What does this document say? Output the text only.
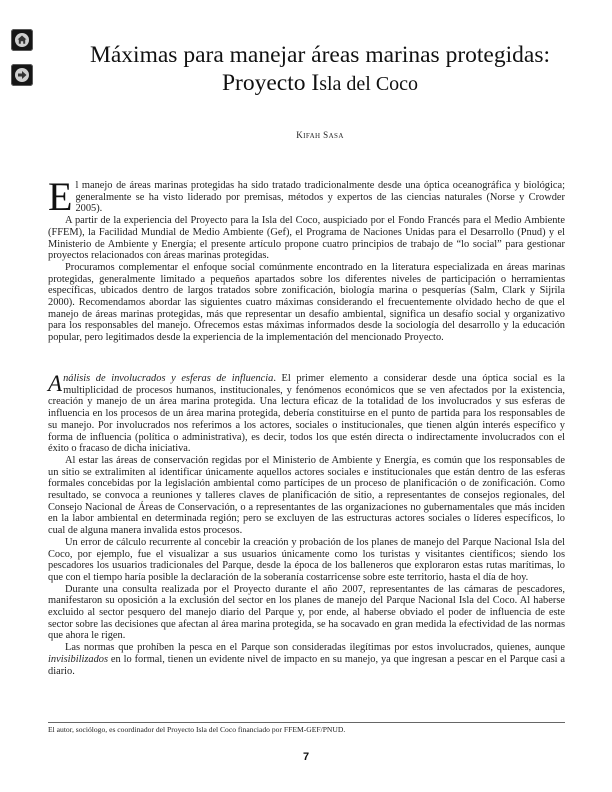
Máximas para manejar áreas marinas protegidas:
Proyecto Isla del Coco
KIFAH SASA

El manejo de áreas marinas protegidas ha sido tratado tradicionalmente desde una óptica oceanográfica y biológica; generalmente se ha visto liderado por premisas, métodos y expertos de las ciencias naturales (Norse y Crowder 2005).

A partir de la experiencia del Proyecto para la Isla del Coco, auspiciado por el Fondo Francés para el Medio Ambiente (FFEM), la Facilidad Mundial de Medio Ambiente (Gef), el Programa de Naciones Unidas para el Desarrollo (Pnud) y el Ministerio de Ambiente y Energía; el presente artículo propone cuatro principios de trabajo de “lo social” para gestionar proyectos relacionados con áreas marinas protegidas.

Procuramos complementar el enfoque social comúnmente encontrado en la literatura especializada en áreas marinas protegidas, generalmente limitado a pequeños apartados sobre los diferentes niveles de participación o herramientas específicas, ubicados dentro de largos tratados sobre zonificación, biología marina o pesquerías (Salm, Clark y Sijrila 2000). Recomendamos abordar las siguientes cuatro máximas considerando el frecuentemente olvidado hecho de que el manejo de áreas marinas protegidas, más que representar un desafío ambiental, significa un desafío social y organizativo para los responsables del manejo. Ofrecemos estas máximas informados desde la sociología del desarrollo y la educación popular, pero legitimados desde la experiencia de la implementación del mencionado Proyecto.

Análisis de involucrados y esferas de influencia. El primer elemento a considerar desde una óptica social es la multiplicidad de procesos humanos, institucionales, y fenómenos económicos que se ven afectados por la existencia, creación y manejo de un área marina protegida. Una lectura eficaz de la totalidad de los involucrados y sus esferas de influencia en los procesos de un área marina protegida, debería constituirse en el punto de partida para los responsables de su manejo. Por involucrados nos referimos a los actores, sociales o institucionales, que tienen algún interés específico y forma de influencia (política o administrativa), es decir, todos los que estén directa o indirectamente involucrados con el éxito o fracaso de dicha iniciativa.

Al estar las áreas de conservación regidas por el Ministerio de Ambiente y Energía, es común que los responsables de un sitio se extralimiten al identificar únicamente aquellos actores sociales e institucionales que están dentro de las esferas formales concebidas por la legislación ambiental como partícipes de un proceso de planificación o de zonificación. Como resultado, se convoca a reuniones y talleres claves de planificación de sitio, a representantes de consejos regionales, del Consejo Nacional de Áreas de Conservación, o a representantes de las organizaciones no gubernamentales que más inciden en la labor ambiental en determinada región; pero se excluyen de las estructuras actores sociales o líderes específicos, lo cual de alguna manera invalida estos procesos.

Un error de cálculo recurrente al concebir la creación y probación de los planes de manejo del Parque Nacional Isla del Coco, por ejemplo, fue el visualizar a sus usuarios únicamente como los turistas y visitantes científicos; siendo los pescadores los usuarios tradicionales del Parque, desde la época de los balleneros que exploraron estas rutas marítimas, lo que con el tiempo haría posible la declaración de la soberanía costarricense sobre este territorio, hasta el día de hoy.

Durante una consulta realizada por el Proyecto durante el año 2007, representantes de las cámaras de pescadores, manifestaron su oposición a la exclusión del sector en los planes de manejo del Parque Nacional Isla del Coco. Al haberse excluido al sector pesquero del manejo diario del Parque y, por ende, al haberse obviado el poder de influencia de este sector sobre las decisiones que afectan al área marina protegida, se ha socavado en gran medida la efectividad de las normas que ahora le rigen.

Las normas que prohíben la pesca en el Parque son consideradas ilegítimas por estos involucrados, quienes, aunque invisibilizados en lo formal, tienen un evidente nivel de impacto en su manejo, ya que ingresan a pescar en el Parque casi a diario.

El autor, sociólogo, es coordinador del Proyecto Isla del Coco financiado por FFEM-GEF/PNUD.
7
